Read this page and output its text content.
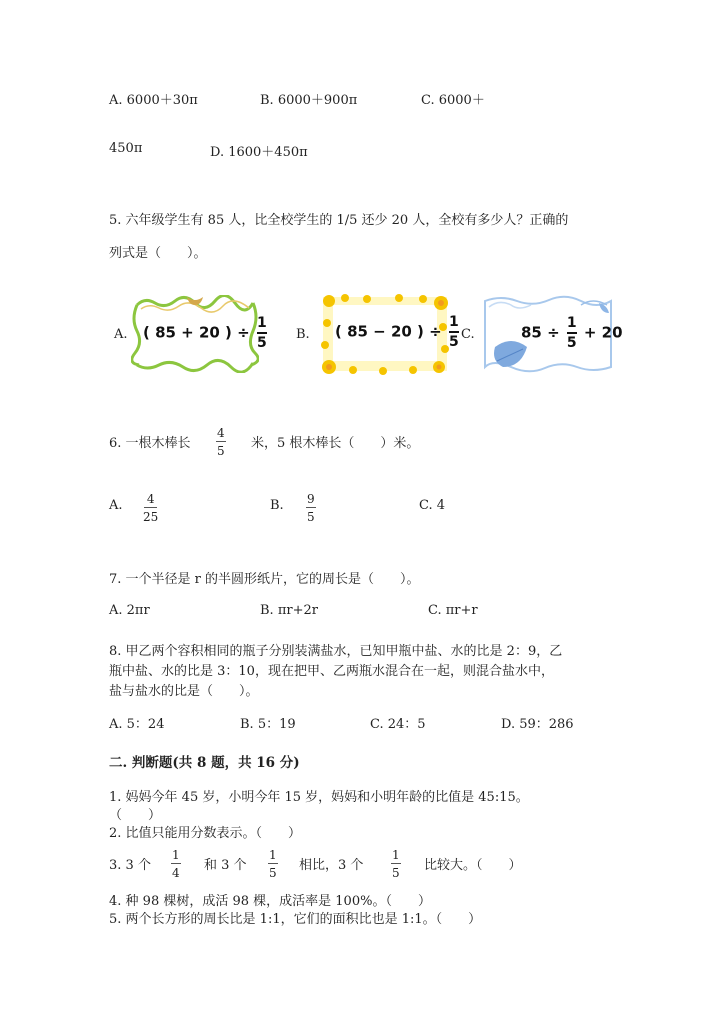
A. 6000＋30π	B. 6000＋900π	C. 6000＋
450π	D. 1600＋450π
5. 六年级学生有 85 人，比全校学生的 1/5 还少 20 人，全校有多少人？正确的
列式是（　　）。
A. ( 85 + 20 ) ÷ $\frac{1}{5} B$. ( 85 − 20 ) ÷ $\frac{1}{5} C$.	$85 \div \frac{1}{5} + 20$
6. 一根木棒长
4
5 米，5 根木棒长（　　）米。
A.	4
25
B. 9
5
C. 4
7. 一个半径是 r 的半圆形纸片，它的周长是（　　）。
A. 2πr	B. πr+2r	C. πr+r
8. 甲乙两个容积相同的瓶子分别装满盐水，已知甲瓶中盐、水的比是 2：9，乙
瓶中盐、水的比是 3：10，现在把甲、乙两瓶水混合在一起，则混合盐水中，
盐与盐水的比是（　　）。
A. 5：24	B. 5：19	C. 24：5	D. 59：286
二. 判断题(共 8 题，共 16 分)
1. 妈妈今年 45 岁，小明今年 15 岁，妈妈和小明年龄的比值是 45:15。
（　　）
2. 比值只能用分数表示。（　　）
3. 3 个
1
4 和 3 个
1
5 相比，3 个
1
5 比较大。（　　）
4. 种 98 棵树，成活 98 棵，成活率是 100%。（　　）
5. 两个长方形的周长比是 1:1，它们的面积比也是 1:1。（　　）
